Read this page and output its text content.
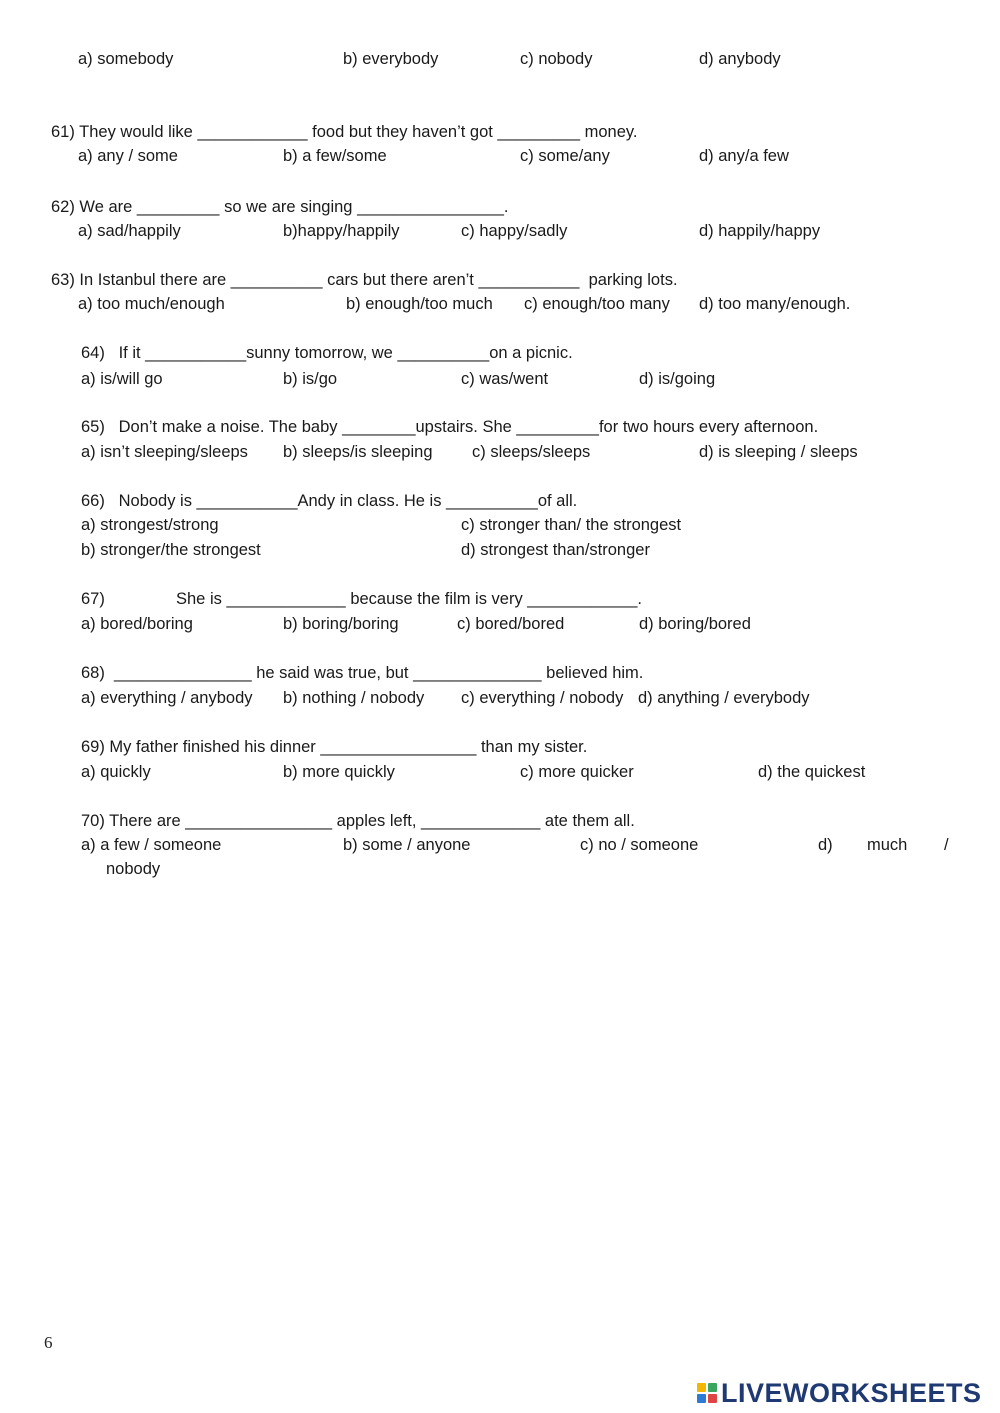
a) somebody	b) everybody	c) nobody	d) anybody
61) They would like ____________ food but they haven’t got _________ money.
a) any / some	b) a few/some	c) some/any	d) any/a few
62) We are _________ so we are singing ________________.
a) sad/happily	b)happy/happily	c) happy/sadly	d) happily/happy
63) In Istanbul there are __________ cars but there aren’t ___________  parking lots.
a) too much/enough	b) enough/too much c) enough/too many d) too many/enough.
64)   If it ___________sunny tomorrow, we __________on a picnic.
a) is/will go	b) is/go	c) was/went	d) is/going
65)   Don’t make a noise. The baby ________upstairs. She _________for two hours every afternoon.
a) isn’t sleeping/sleeps b) sleeps/is sleeping c) sleeps/sleeps	d) is sleeping / sleeps
66)   Nobody is ___________Andy in class. He is __________of all.
a) strongest/strong	c) stronger than/ the strongest
b) stronger/the strongest	d) strongest than/stronger
67)	She is _____________ because the film is very ____________.
a) bored/boring	b) boring/boring	c) bored/bored	d) boring/bored
68)  _______________ he said was true, but ______________ believed him.
a) everything / anybody b) nothing / nobody c) everything / nobody d) anything / everybody
69) My father finished his dinner _________________ than my sister.
a) quickly	b) more quickly	c) more quicker	d) the quickest
70) There are ________________ apples left, _____________ ate them all.
a) a few / someone	b) some / anyone	c) no / someone	d) much /
nobody
6
LIVEWORKSHEETS
